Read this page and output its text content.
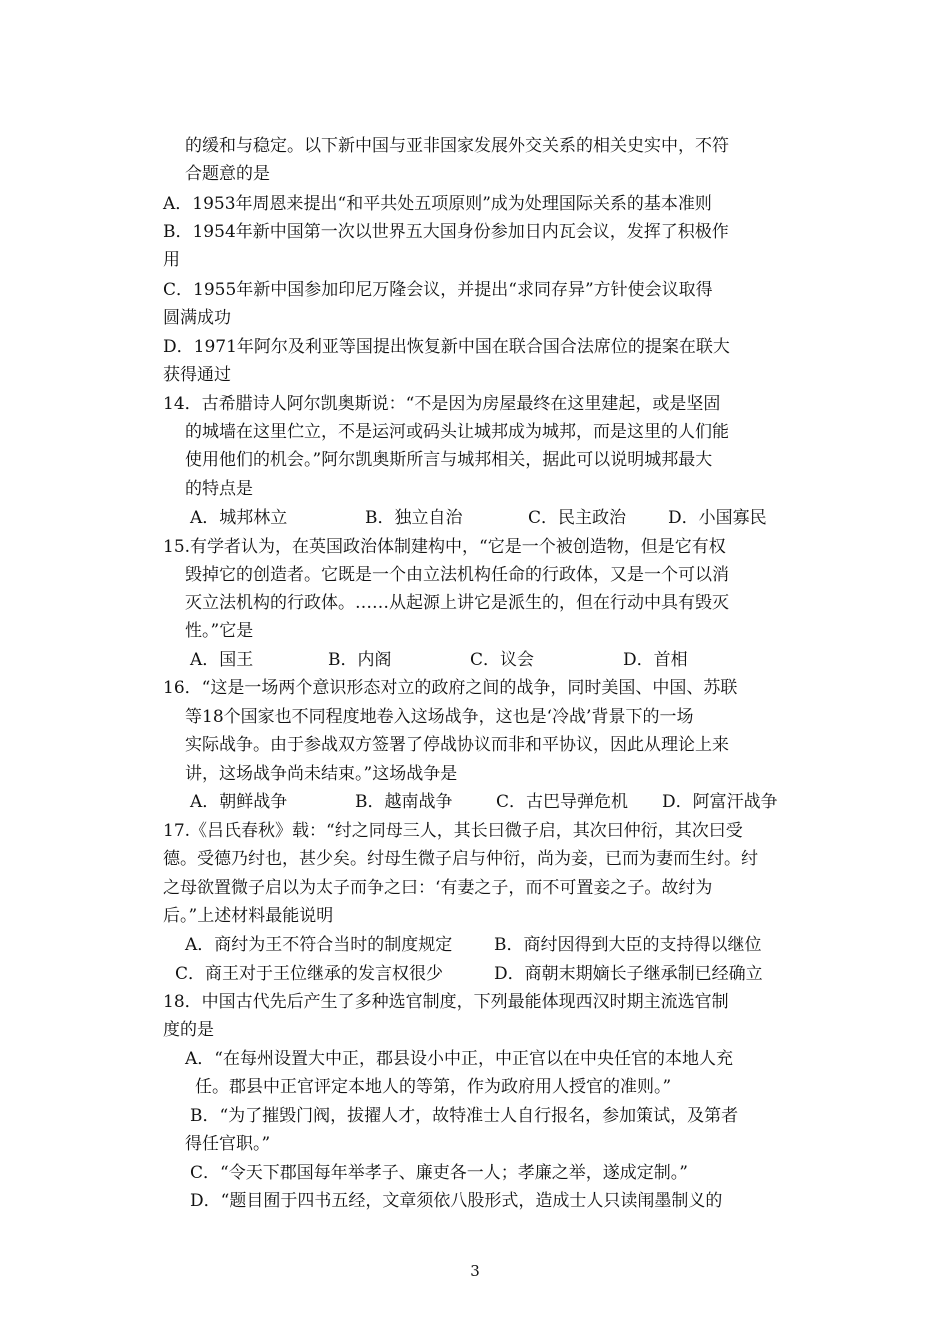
的缓和与稳定。以下新中国与亚非国家发展外交关系的相关史实中，不符
合题意的是
A．1953年周恩来提出“和平共处五项原则”成为处理国际关系的基本准则
B．1954年新中国第一次以世界五大国身份参加日内瓦会议，发挥了积极作
用
C．1955年新中国参加印尼万隆会议，并提出“求同存异”方针使会议取得
圆满成功
D．1971年阿尔及利亚等国提出恢复新中国在联合国合法席位的提案在联大
获得通过
14．古希腊诗人阿尔凯奥斯说：“不是因为房屋最终在这里建起，或是坚固
的城墙在这里伫立，不是运河或码头让城邦成为城邦，而是这里的人们能
使用他们的机会。”阿尔凯奥斯所言与城邦相关，据此可以说明城邦最大
的特点是
A．城邦林立	B．独立自治	C．民主政治 D．小国寡民
15.有学者认为，在英国政治体制建构中，“它是一个被创造物，但是它有权
毁掉它的创造者。它既是一个由立法机构任命的行政体，又是一个可以消
灭立法机构的行政体。……从起源上讲它是派生的，但在行动中具有毁灭
性。”它是
A．国王	B．内阁	C．议会	D．首相
16．“这是一场两个意识形态对立的政府之间的战争，同时美国、中国、苏联
等18个国家也不同程度地卷入这场战争，这也是‘冷战’背景下的一场
实际战争。由于参战双方签署了停战协议而非和平协议，因此从理论上来
讲，这场战争尚未结束。”这场战争是
A．朝鲜战争	B．越南战争	C．古巴导弹危机 D．阿富汗战争
17.《吕氏春秋》载：“纣之同母三人，其长曰微子启，其次曰仲衍，其次曰受
德。受德乃纣也，甚少矣。纣母生微子启与仲衍，尚为妾，已而为妻而生纣。纣
之母欲置微子启以为太子而争之曰：‘有妻之子，而不可置妾之子。故纣为
后。”上述材料最能说明
A．商纣为王不符合当时的制度规定 B．商纣因得到大臣的支持得以继位
C．商王对于王位继承的发言权很少	D．商朝末期嫡长子继承制已经确立
18．中国古代先后产生了多种选官制度，下列最能体现西汉时期主流选官制
度的是
A．“在每州设置大中正，郡县设小中正，中正官以在中央任官的本地人充
任。郡县中正官评定本地人的等第，作为政府用人授官的准则。”
B．“为了摧毁门阀，拔擢人才，故特准士人自行报名，参加策试，及第者
得任官职。”
C．“令天下郡国每年举孝子、廉吏各一人；孝廉之举，遂成定制。”
D．“题目囿于四书五经，文章须依八股形式，造成士人只读闱墨制义的
3
